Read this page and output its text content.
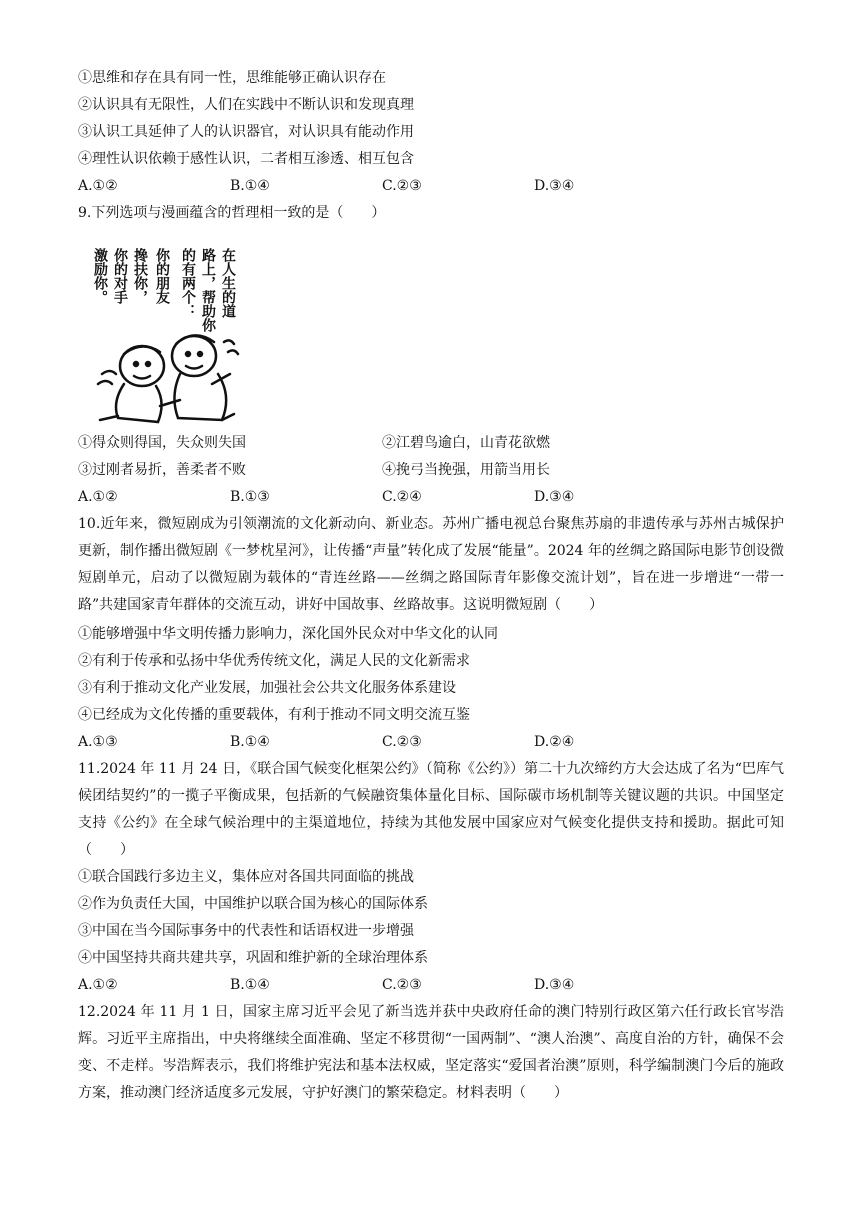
①思维和存在具有同一性，思维能够正确认识存在
②认识具有无限性，人们在实践中不断认识和发现真理
③认识工具延伸了人的认识器官，对认识具有能动作用
④理性认识依赖于感性认识，二者相互渗透、相互包含
A.①②	B.①④	C.②③	D.③④
9.下列选项与漫画蕴含的哲理相一致的是（　　）
在人生的道
路上，帮助你
的有两个：
你的朋友
搀扶你，
你的对手
激励你。
①得众则得国，失众则失国	②江碧鸟逾白，山青花欲燃
③过刚者易折，善柔者不败	④挽弓当挽强，用箭当用长
A.①②	B.①③	C.②④	D.③④
10.近年来，微短剧成为引领潮流的文化新动向、新业态。苏州广播电视总台聚焦苏扇的非遗传承与苏州古城保护更新，制作播出微短剧《一梦枕星河》，让传播“声量”转化成了发展“能量”。2024 年的丝绸之路国际电影节创设微短剧单元，启动了以微短剧为载体的“青连丝路——丝绸之路国际青年影像交流计划”，旨在进一步增进“一带一路”共建国家青年群体的交流互动，讲好中国故事、丝路故事。这说明微短剧（　　）
①能够增强中华文明传播力影响力，深化国外民众对中华文化的认同
②有利于传承和弘扬中华优秀传统文化，满足人民的文化新需求
③有利于推动文化产业发展，加强社会公共文化服务体系建设
④已经成为文化传播的重要载体，有利于推动不同文明交流互鉴
A.①③	B.①④	C.②③	D.②④
11.2024 年 11 月 24 日，《联合国气候变化框架公约》（简称《公约》）第二十九次缔约方大会达成了名为“巴库气候团结契约”的一揽子平衡成果，包括新的气候融资集体量化目标、国际碳市场机制等关键议题的共识。中国坚定支持《公约》在全球气候治理中的主渠道地位，持续为其他发展中国家应对气候变化提供支持和援助。据此可知（　　）
①联合国践行多边主义，集体应对各国共同面临的挑战
②作为负责任大国，中国维护以联合国为核心的国际体系
③中国在当今国际事务中的代表性和话语权进一步增强
④中国坚持共商共建共享，巩固和维护新的全球治理体系
A.①②	B.①④	C.②③	D.③④
12.2024 年 11 月 1 日，国家主席习近平会见了新当选并获中央政府任命的澳门特别行政区第六任行政长官岑浩辉。习近平主席指出，中央将继续全面准确、坚定不移贯彻“一国两制”、“澳人治澳”、高度自治的方针，确保不会变、不走样。岑浩辉表示，我们将维护宪法和基本法权威，坚定落实“爱国者治澳”原则，科学编制澳门今后的施政方案，推动澳门经济适度多元发展，守护好澳门的繁荣稳定。材料表明（　　）
